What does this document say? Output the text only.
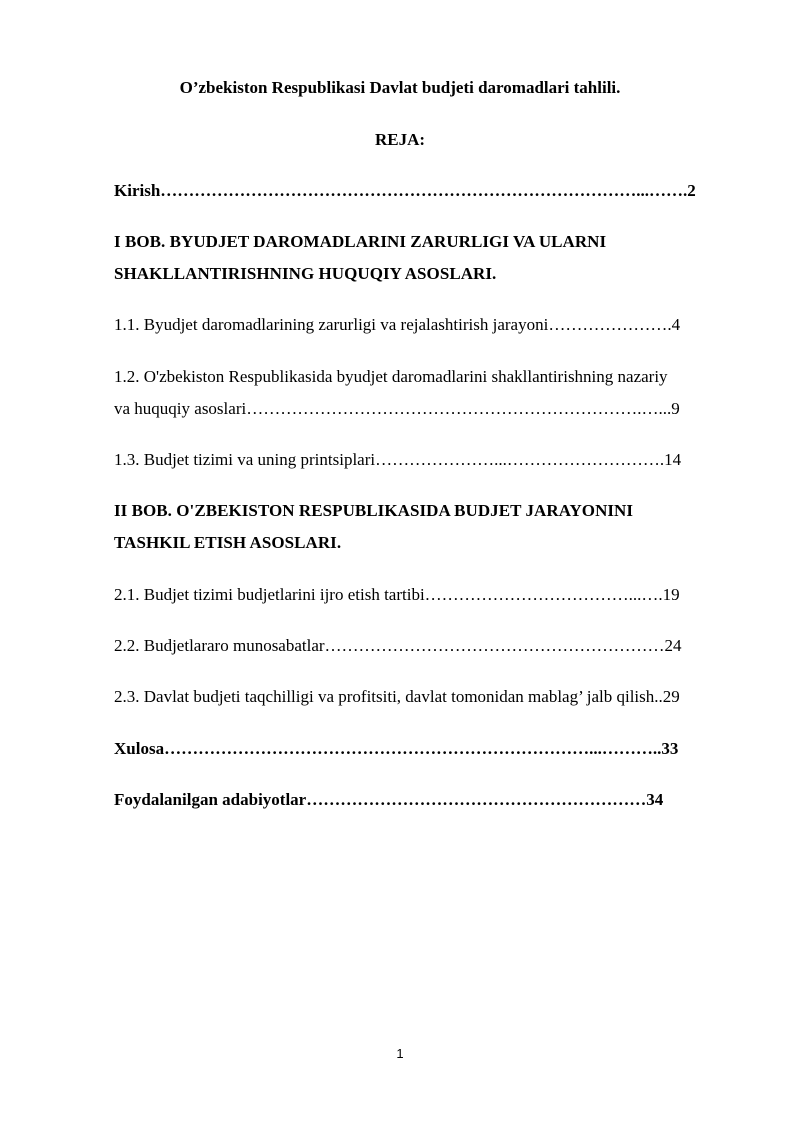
O’zbekiston Respublikasi Davlat budjeti daromadlari tahlili.
REJA:
Kirish…………………………………………………………………………...…….2
I BOB. BYUDJET DAROMADLARINI ZARURLIGI VA ULARNI
SHAKLLANTIRISHNING HUQUQIY ASOSLARI.
1.1. Byudjet daromadlarining zarurligi va rejalashtirish jarayoni………………….4
1.2. O'zbekiston Respublikasida byudjet daromadlarini shakllantirishning nazariy
va huquqiy asoslari…………………………………………………………….…...9
1.3. Budjet tizimi va uning printsiplari…………………...……………………….14
II BOB. O'ZBEKISTON RESPUBLIKASIDA BUDJET JARAYONINI
TASHKIL ETISH ASOSLARI.
2.1. Budjet tizimi budjetlarini ijro etish tartibi………………………………...….19
2.2. Budjetlararo munosabatlar……………………………………………………24
2.3. Davlat budjeti taqchilligi va profitsiti, davlat tomonidan mablag’ jalb qilish..29
Xulosa…………………………………………………………………...………..33
Foydalanilgan adabiyotlar……………………………………………………34
1
